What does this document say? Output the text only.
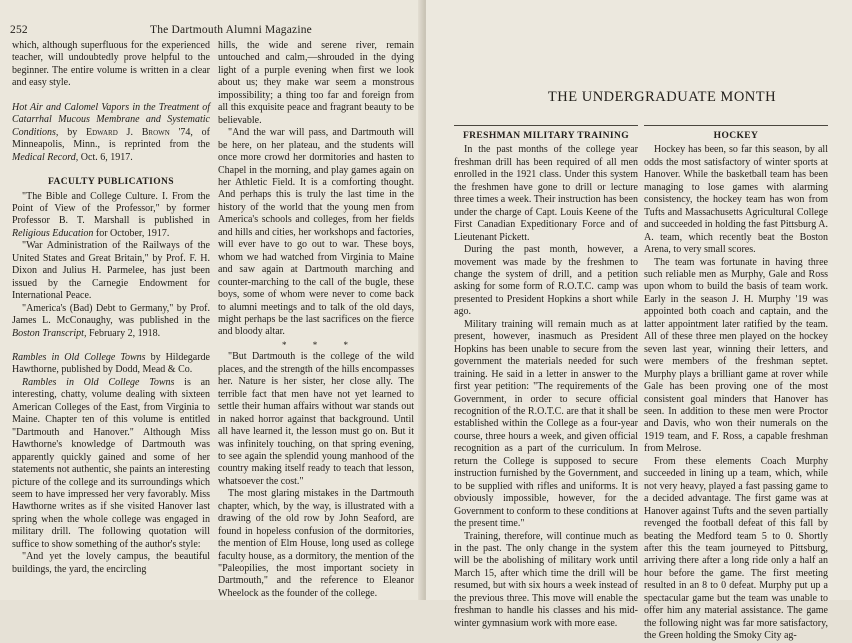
252	The Dartmouth Alumni Magazine

which, although superfluous for the experienced teacher, will undoubtedly prove helpful to the beginner. The entire volume is written in a clear and easy style.

Hot Air and Calomel Vapors in the Treatment of Catarrhal Mucous Membrane and Systematic Conditions, by Edward J. Brown '74, of Minneapolis, Minn., is reprinted from the Medical Record, Oct. 6, 1917.

FACULTY PUBLICATIONS

"The Bible and College Culture. I. From the Point of View of the Professor," by former Professor B. T. Marshall is published in Religious Education for October, 1917.

"War Administration of the Railways of the United States and Great Britain," by Prof. F. H. Dixon and Julius H. Parmelee, has just been issued by the Carnegie Endowment for International Peace.

"America's (Bad) Debt to Germany," by Prof. James L. McConaughy, was published in the Boston Transcript, February 2, 1918.

Rambles in Old College Towns by Hildegarde Hawthorne, published by Dodd, Mead & Co.

Rambles in Old College Towns is an interesting, chatty, volume dealing with sixteen American Colleges of the East, from Virginia to Maine. Chapter ten of this volume is entitled "Dartmouth and Hanover." Although Miss Hawthorne's knowledge of Dartmouth was apparently quickly gained and some of her statements not authentic, she paints an interesting picture of the college and its surroundings which seem to have impressed her very favorably. Miss Hawthorne writes as if she visited Hanover last spring when the whole college was engaged in military drill. The following quotation will suffice to show something of the author's style:

"And yet the lovely campus, the beautiful buildings, the yard, the encircling

hills, the wide and serene river, remain untouched and calm,—shrouded in the dying light of a purple evening when first we look about us; they make war seem a monstrous impossibility; a thing too far and foreign from all this exquisite peace and fragrant beauty to be believable.

"And the war will pass, and Dartmouth will be here, on her plateau, and the students will once more crowd her dormitories and hasten to Chapel in the morning, and play games again on her Athletic Field. It is a comforting thought. And perhaps this is truly the last time in the history of the world that the young men from America's schools and colleges, from her fields and hills and cities, her workshops and factories, will ever have to go out to war. These boys, whom we had watched from Virginia to Maine and saw again at Dartmouth marching and counter-marching to the call of the bugle, these boys, some of whom were never to come back to alumni meetings and to talk of the old days, might perhaps be the last sacrifices on the fierce and bloody altar.

* * *

"But Dartmouth is the college of the wild places, and the strength of the hills encompasses her. Nature is her sister, her close ally. The terrible fact that men have not yet learned to settle their human affairs without war stands out in naked horror against that background. Until all have learned it, the lesson must go on. But it was infinitely touching, on that spring evening, to see again the splendid young manhood of the country making itself ready to teach that lesson, whatsoever the cost."

The most glaring mistakes in the Dartmouth chapter, which, by the way, is illustrated with a drawing of the old row by John Seaford, are found in hopeless confusion of the dormitories, the mention of Elm House, long used as college faculty house, as a dormitory, the mention of the "Paleopilies, the most important society in Dartmouth," and the reference to Eleanor Wheelock as the founder of the college.

THE UNDERGRADUATE MONTH

FRESHMAN MILITARY TRAINING

In the past months of the college year freshman drill has been required of all men enrolled in the 1921 class. Under this system the freshmen have gone to drill or lecture three times a week. Their instruction has been under the charge of Capt. Louis Keene of the First Canadian Expeditionary Force and of Lieutenant Pickett.

During the past month, however, a movement was made by the freshmen to change the system of drill, and a petition asking for some form of R.O.T.C. camp was presented to President Hopkins a short while ago.

Military training will remain much as at present, however, inasmuch as President Hopkins has been unable to secure from the government the materials needed for such training. He said in a letter in answer to the first year petition: "The requirements of the Government, in order to secure official recognition of the R.O.T.C. are that it shall be established within the College as a four-year course, three hours a week, and given official recognition as a part of the curriculum. In return the College is supposed to secure instruction furnished by the Government, and to be supplied with rifles and uniforms. It is obviously impossible, however, for the Government to conform to these conditions at the present time."

Training, therefore, will continue much as in the past. The only change in the system will be the abolishing of military work until March 15, after which time the drill will be resumed, but with six hours a week instead of the previous three. This move will enable the freshman to handle his classes and his mid-winter gymnasium work with more ease.

HOCKEY

Hockey has been, so far this season, by all odds the most satisfactory of winter sports at Hanover. While the basketball team has been managing to lose games with alarming consistency, the hockey team has won from Tufts and Massachusetts Agricultural College and succeeded in holding the fast Pittsburg A. A. team, which recently beat the Boston Arena, to very small scores.

The team was fortunate in having three such reliable men as Murphy, Gale and Ross upon whom to build the basis of team work. Early in the season J. H. Murphy '19 was appointed both coach and captain, and the latter appointment later ratified by the team. All of these three men played on the hockey seven last year, winning their letters, and were members of the freshman septet. Murphy plays a brilliant game at rover while Gale has been proving one of the most consistent goal minders that Hanover has seen. In addition to these men were Proctor and Davis, who won their numerals on the 1919 team, and F. Ross, a capable freshman from Melrose.

From these elements Coach Murphy succeeded in lining up a team, which, while not very heavy, played a fast passing game to a decided advantage. The first game was at Hanover against Tufts and the seven partially revenged the football defeat of this fall by beating the Medford team 5 to 0. Shortly after this the team journeyed to Pittsburg, arriving there after a long ride only a half an hour before the game. The first meeting resulted in an 8 to 0 defeat. Murphy put up a spectacular game but the team was unable to offer him any material assistance. The game the following night was far more satisfactory, the Green holding the Smoky City ag-
